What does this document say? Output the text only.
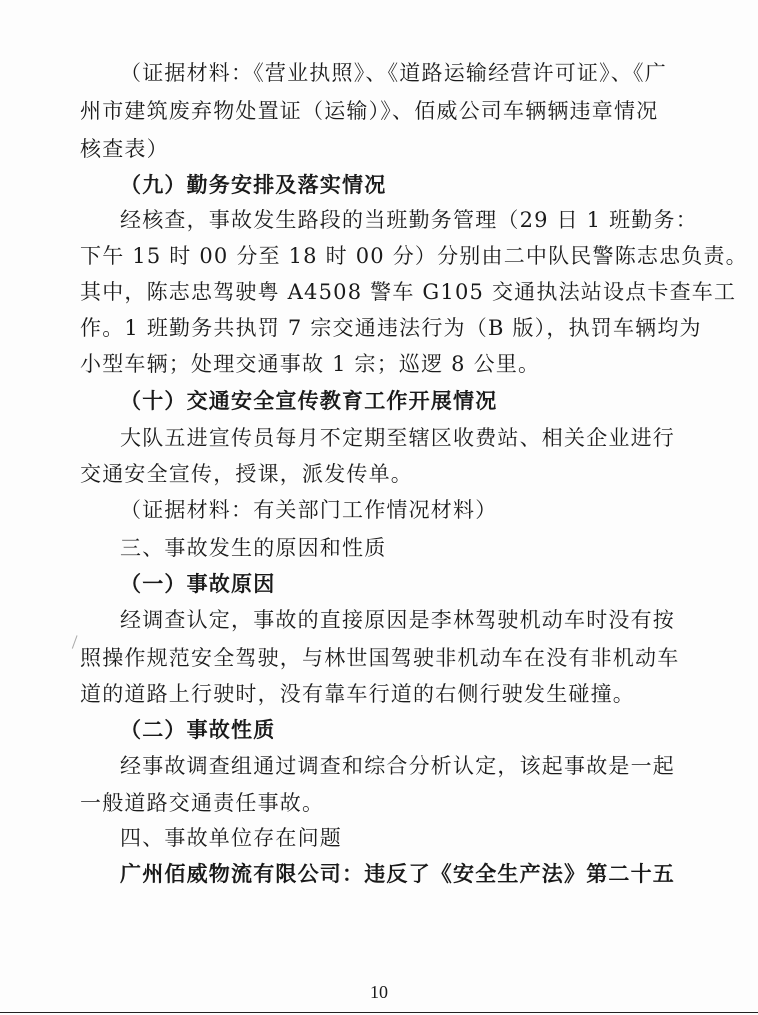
（证据材料：《营业执照》、《道路运输经营许可证》、《广
州市建筑废弃物处置证（运输）》、佰威公司车辆辆违章情况
核查表）
（九）勤务安排及落实情况
经核查，事故发生路段的当班勤务管理（29 日 1 班勤务：
下午 15 时 00 分至 18 时 00 分）分别由二中队民警陈志忠负责。
其中，陈志忠驾驶粤 A4508 警车 G105 交通执法站设点卡查车工
作。1 班勤务共执罚 7 宗交通违法行为（B 版），执罚车辆均为
小型车辆；处理交通事故 1 宗；巡逻 8 公里。
（十）交通安全宣传教育工作开展情况
大队五进宣传员每月不定期至辖区收费站、相关企业进行
交通安全宣传，授课，派发传单。
（证据材料：有关部门工作情况材料）
三、事故发生的原因和性质
（一）事故原因
经调查认定，事故的直接原因是李林驾驶机动车时没有按
照操作规范安全驾驶，与林世国驾驶非机动车在没有非机动车
道的道路上行驶时，没有靠车行道的右侧行驶发生碰撞。
（二）事故性质
经事故调查组通过调查和综合分析认定，该起事故是一起
一般道路交通责任事故。
四、事故单位存在问题
广州佰威物流有限公司：违反了《安全生产法》第二十五
10
